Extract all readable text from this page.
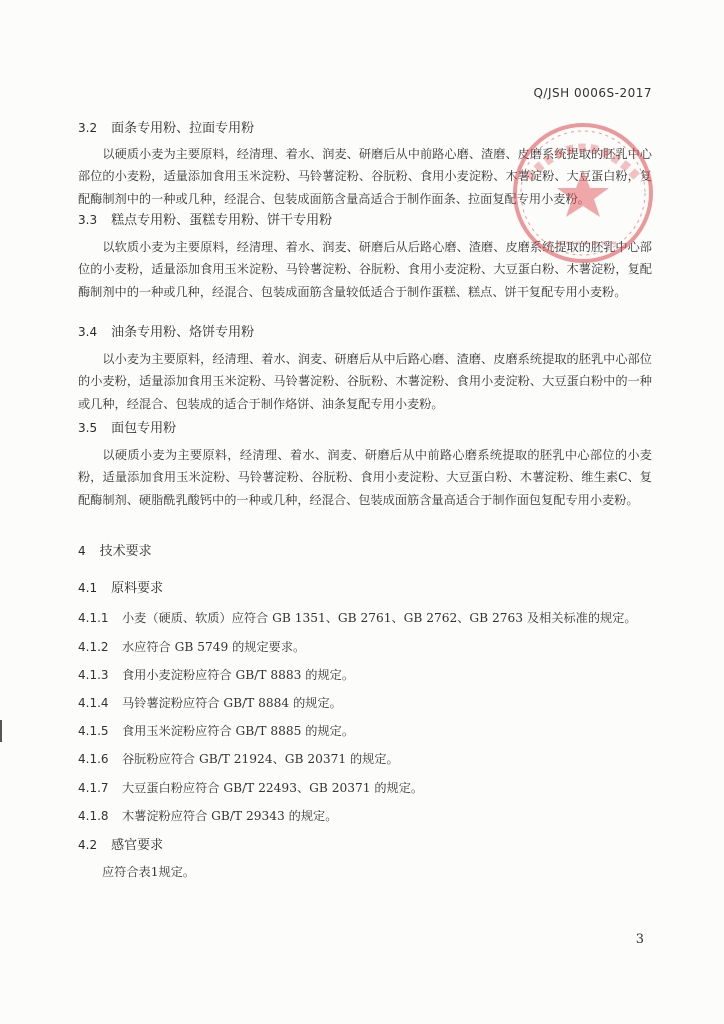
Q/JSH 0006S-2017
3.2 面条专用粉、拉面专用粉

以硬质小麦为主要原料，经清理、着水、润麦、研磨后从中前路心磨、渣磨、皮磨系统提取的胚乳中心部位的小麦粉，适量添加食用玉米淀粉、马铃薯淀粉、谷朊粉、食用小麦淀粉、木薯淀粉、大豆蛋白粉，复配酶制剂中的一种或几种，经混合、包装成面筋含量高适合于制作面条、拉面复配专用小麦粉。

3.3 糕点专用粉、蛋糕专用粉、饼干专用粉

以软质小麦为主要原料，经清理、着水、润麦、研磨后从后路心磨、渣磨、皮磨系统提取的胚乳中心部位的小麦粉，适量添加食用玉米淀粉、马铃薯淀粉、谷朊粉、食用小麦淀粉、大豆蛋白粉、木薯淀粉，复配酶制剂中的一种或几种，经混合、包装成面筋含量较低适合于制作蛋糕、糕点、饼干复配专用小麦粉。

3.4 油条专用粉、烙饼专用粉

以小麦为主要原料，经清理、着水、润麦、研磨后从中后路心磨、渣磨、皮磨系统提取的胚乳中心部位的小麦粉，适量添加食用玉米淀粉、马铃薯淀粉、谷朊粉、木薯淀粉、食用小麦淀粉、大豆蛋白粉中的一种或几种，经混合、包装成的适合于制作烙饼、油条复配专用小麦粉。

3.5 面包专用粉

以硬质小麦为主要原料，经清理、着水、润麦、研磨后从中前路心磨系统提取的胚乳中心部位的小麦粉，适量添加食用玉米淀粉、马铃薯淀粉、谷朊粉、食用小麦淀粉、大豆蛋白粉、木薯淀粉、维生素C、复配酶制剂、硬脂酰乳酸钙中的一种或几种，经混合、包装成面筋含量高适合于制作面包复配专用小麦粉。

4 技术要求
4.1 原料要求
4.1.1 小麦（硬质、软质）应符合 GB 1351、GB 2761、GB 2762、GB 2763 及相关标准的规定。
4.1.2 水应符合 GB 5749 的规定要求。
4.1.3 食用小麦淀粉应符合 GB/T 8883 的规定。
4.1.4 马铃薯淀粉应符合 GB/T 8884 的规定。
4.1.5 食用玉米淀粉应符合 GB/T 8885 的规定。
4.1.6 谷朊粉应符合 GB/T 21924、GB 20371 的规定。
4.1.7 大豆蛋白粉应符合 GB/T 22493、GB 20371 的规定。
4.1.8 木薯淀粉应符合 GB/T 29343 的规定。
4.2 感官要求
应符合表1规定。
3
